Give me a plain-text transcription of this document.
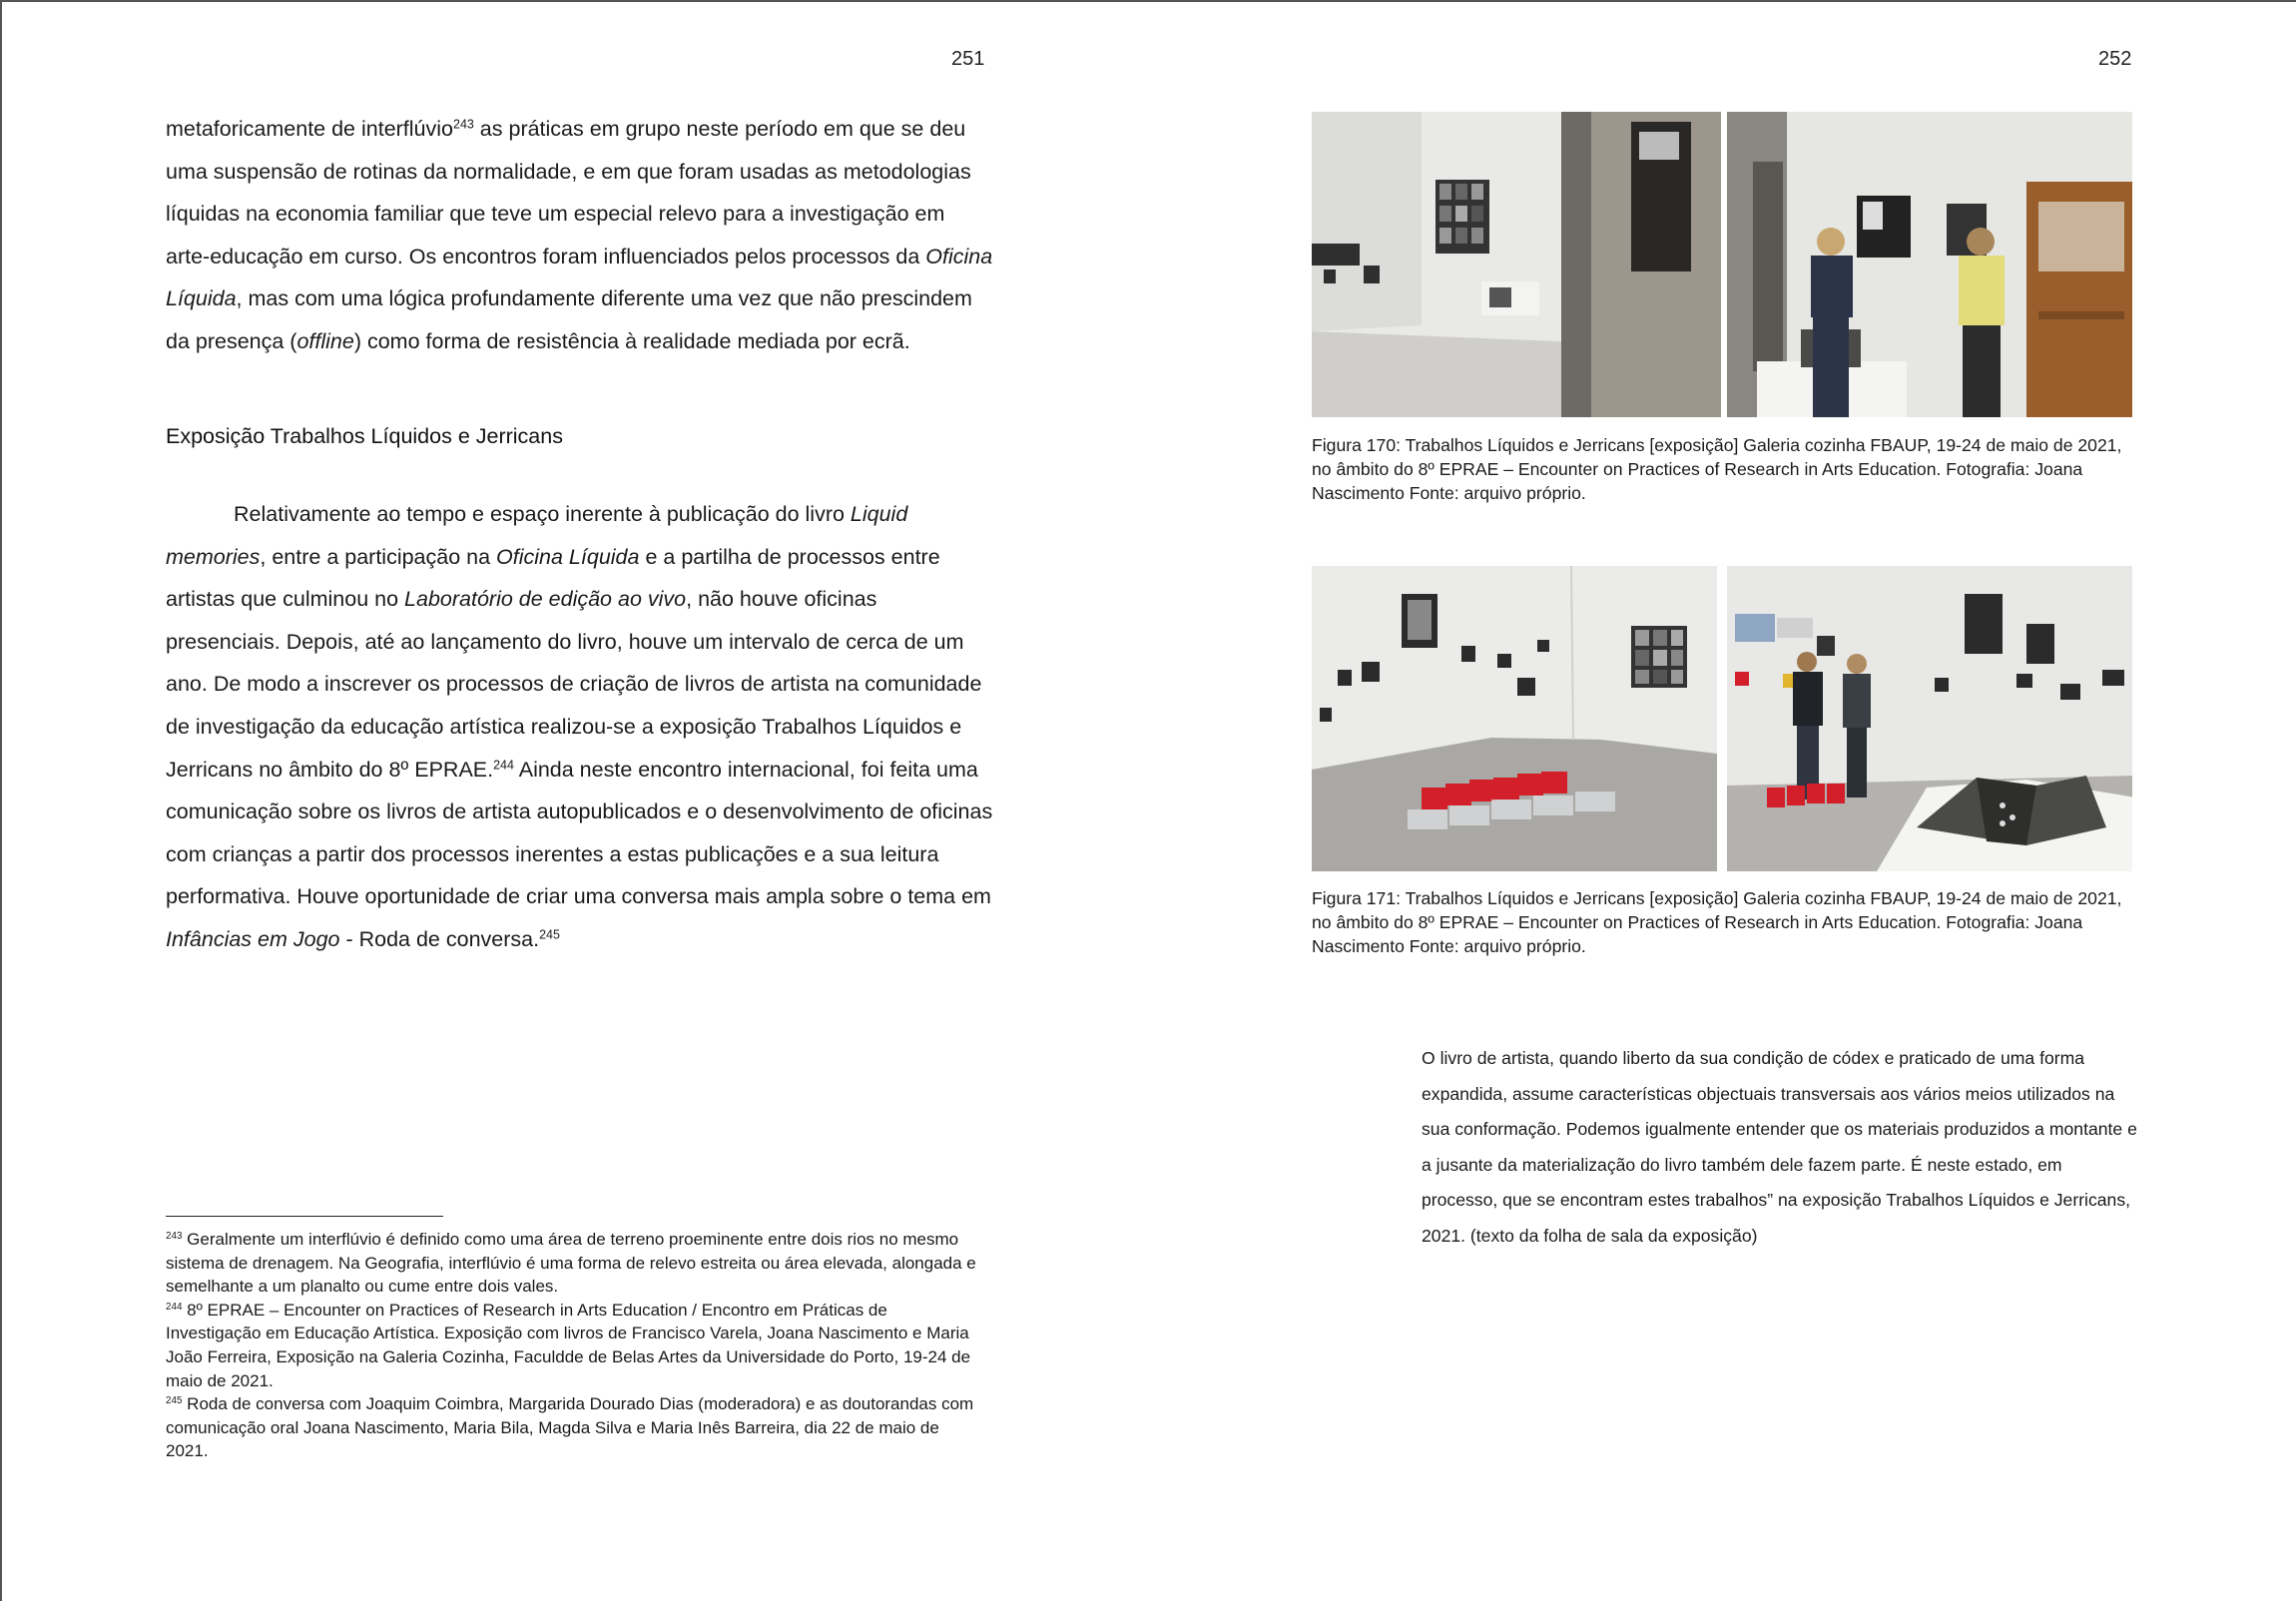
251

metaforicamente de interflúvio$^{243}$ as práticas em grupo neste período em que se deu uma suspensão de rotinas da normalidade, e em que foram usadas as metodologias líquidas na economia familiar que teve um especial relevo para a investigação em arte-educação em curso. Os encontros foram influenciados pelos processos da Oficina Líquida, mas com uma lógica profundamente diferente uma vez que não prescindem da presença (offline) como forma de resistência à realidade mediada por ecrã.

Exposição Trabalhos Líquidos e Jerricans

Relativamente ao tempo e espaço inerente à publicação do livro Liquid memories, entre a participação na Oficina Líquida e a partilha de processos entre artistas que culminou no Laboratório de edição ao vivo, não houve oficinas presenciais. Depois, até ao lançamento do livro, houve um intervalo de cerca de um ano. De modo a inscrever os processos de criação de livros de artista na comunidade de investigação da educação artística realizou-se a exposição Trabalhos Líquidos e Jerricans no âmbito do 8º EPRAE.$^{244}$ Ainda neste encontro internacional, foi feita uma comunicação sobre os livros de artista autopublicados e o desenvolvimento de oficinas com crianças a partir dos processos inerentes a estas publicações e a sua leitura performativa. Houve oportunidade de criar uma conversa mais ampla sobre o tema em Infâncias em Jogo - Roda de conversa.$^{245}$

$^{243}$ Geralmente um interflúvio é definido como uma área de terreno proeminente entre dois rios no mesmo sistema de drenagem. Na Geografia, interflúvio é uma forma de relevo estreita ou área elevada, alongada e semelhante a um planalto ou cume entre dois vales.

$^{244}$ 8º EPRAE – Encounter on Practices of Research in Arts Education / Encontro em Práticas de Investigação em Educação Artística. Exposição com livros de Francisco Varela, Joana Nascimento e Maria João Ferreira, Exposição na Galeria Cozinha, Faculdde de Belas Artes da Universidade do Porto, 19-24 de maio de 2021.

$^{245}$ Roda de conversa com Joaquim Coimbra, Margarida Dourado Dias (moderadora) e as doutorandas com comunicação oral Joana Nascimento, Maria Bila, Magda Silva e Maria Inês Barreira, dia 22 de maio de 2021.

252
Figura 170: Trabalhos Líquidos e Jerricans [exposição] Galeria cozinha FBAUP, 19-24 de maio de 2021, no âmbito do 8º EPRAE – Encounter on Practices of Research in Arts Education. Fotografia: Joana Nascimento Fonte: arquivo próprio.
Figura 171: Trabalhos Líquidos e Jerricans [exposição] Galeria cozinha FBAUP, 19-24 de maio de 2021, no âmbito do 8º EPRAE – Encounter on Practices of Research in Arts Education. Fotografia: Joana Nascimento Fonte: arquivo próprio.
O livro de artista, quando liberto da sua condição de códex e praticado de uma forma expandida, assume características objectuais transversais aos vários meios utilizados na sua conformação. Podemos igualmente entender que os materiais produzidos a montante e a jusante da materialização do livro também dele fazem parte. É neste estado, em processo, que se encontram estes trabalhos” na exposição Trabalhos Líquidos e Jerricans, 2021. (texto da folha de sala da exposição)
